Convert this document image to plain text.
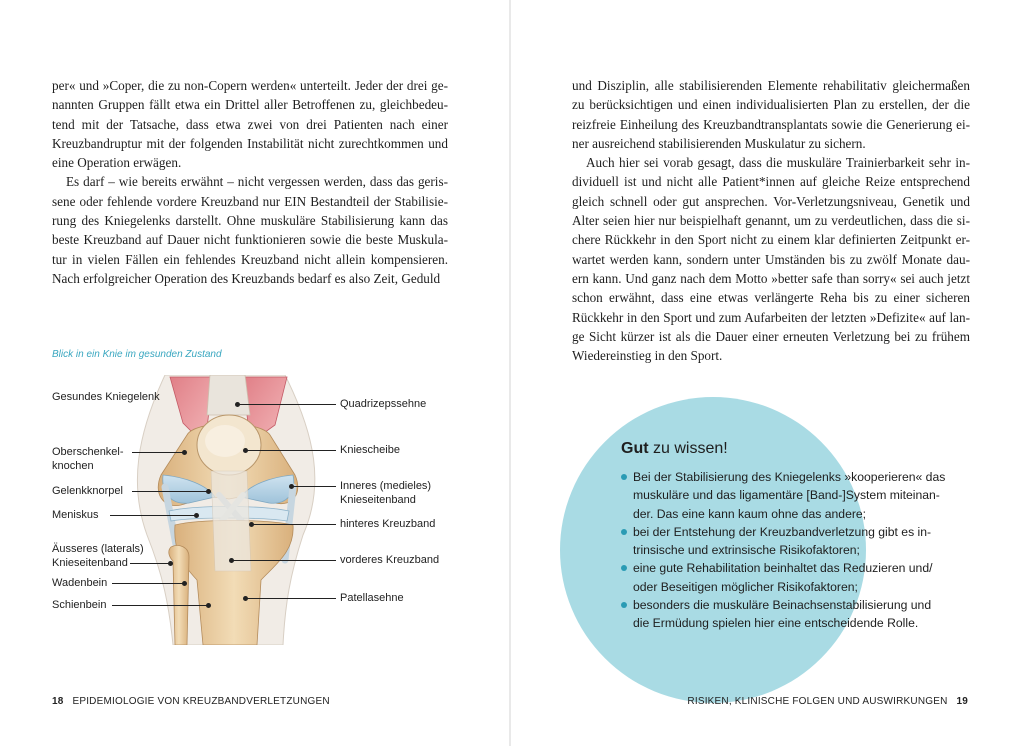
per« und »Coper, die zu non-Copern werden« unterteilt. Jeder der drei ge- nannten Gruppen fällt etwa ein Drittel aller Betroffenen zu, gleichbedeu- tend mit der Tatsache, dass etwa zwei von drei Patienten nach einer Kreuzbandruptur mit der folgenden Instabilität nicht zurechtkommen und eine Operation erwägen.

Es darf – wie bereits erwähnt – nicht vergessen werden, dass das geris- sene oder fehlende vordere Kreuzband nur EIN Bestandteil der Stabilisie- rung des Kniegelenks darstellt. Ohne muskuläre Stabilisierung kann das beste Kreuzband auf Dauer nicht funktionieren sowie die beste Muskula- tur in vielen Fällen ein fehlendes Kreuzband nicht allein kompensieren. Nach erfolgreicher Operation des Kreuzbands bedarf es also Zeit, Geduld

Blick in ein Knie im gesunden Zustand
Gesundes Kniegelenk
Oberschenkel- knochen
Gelenkknorpel
Meniskus
Äusseres (laterals) Knieseitenband
Wadenbein
Schienbein
Quadrizepssehne
Kniescheibe
Inneres (medieles) Knieseitenband
hinteres Kreuzband
vorderes Kreuzband
Patellasehne
18 EPIDEMIOLOGIE VON KREUZBANDVERLETZUNGEN

und Disziplin, alle stabilisierenden Elemente rehabilitativ gleichermaßen zu berücksichtigen und einen individualisierten Plan zu erstellen, der die reizfreie Einheilung des Kreuzbandtransplantats sowie die Generierung ei- ner ausreichend stabilisierenden Muskulatur zu sichern.

Auch hier sei vorab gesagt, dass die muskuläre Trainierbarkeit sehr in- dividuell ist und nicht alle Patient*innen auf gleiche Reize entsprechend gleich schnell oder gut ansprechen. Vor-Verletzungsniveau, Genetik und Alter seien hier nur beispielhaft genannt, um zu verdeutlichen, dass die si- chere Rückkehr in den Sport nicht zu einem klar definierten Zeitpunkt er- wartet werden kann, sondern unter Umständen bis zu zwölf Monate dau- ern kann. Und ganz nach dem Motto »better safe than sorry« sei auch jetzt schon erwähnt, dass eine etwas verlängerte Reha bis zu einer sicheren Rückkehr in den Sport und zum Aufarbeiten der letzten »Defizite« auf lan- ge Sicht kürzer ist als die Dauer einer erneuten Verletzung bei zu frühem Wiedereinstieg in den Sport.

Gut zu wissen!
Bei der Stabilisierung des Kniegelenks »kooperieren« das
muskuläre und das ligamentäre [Band-]System miteinan-
der. Das eine kann kaum ohne das andere;
bei der Entstehung der Kreuzbandverletzung gibt es in-
trinsische und extrinsische Risikofaktoren;
eine gute Rehabilitation beinhaltet das Reduzieren und/
oder Beseitigen möglicher Risikofaktoren;
besonders die muskuläre Beinachsenstabilisierung und
die Ermüdung spielen hier eine entscheidende Rolle.
RISIKEN, KLINISCHE FOLGEN UND AUSWIRKUNGEN 19
